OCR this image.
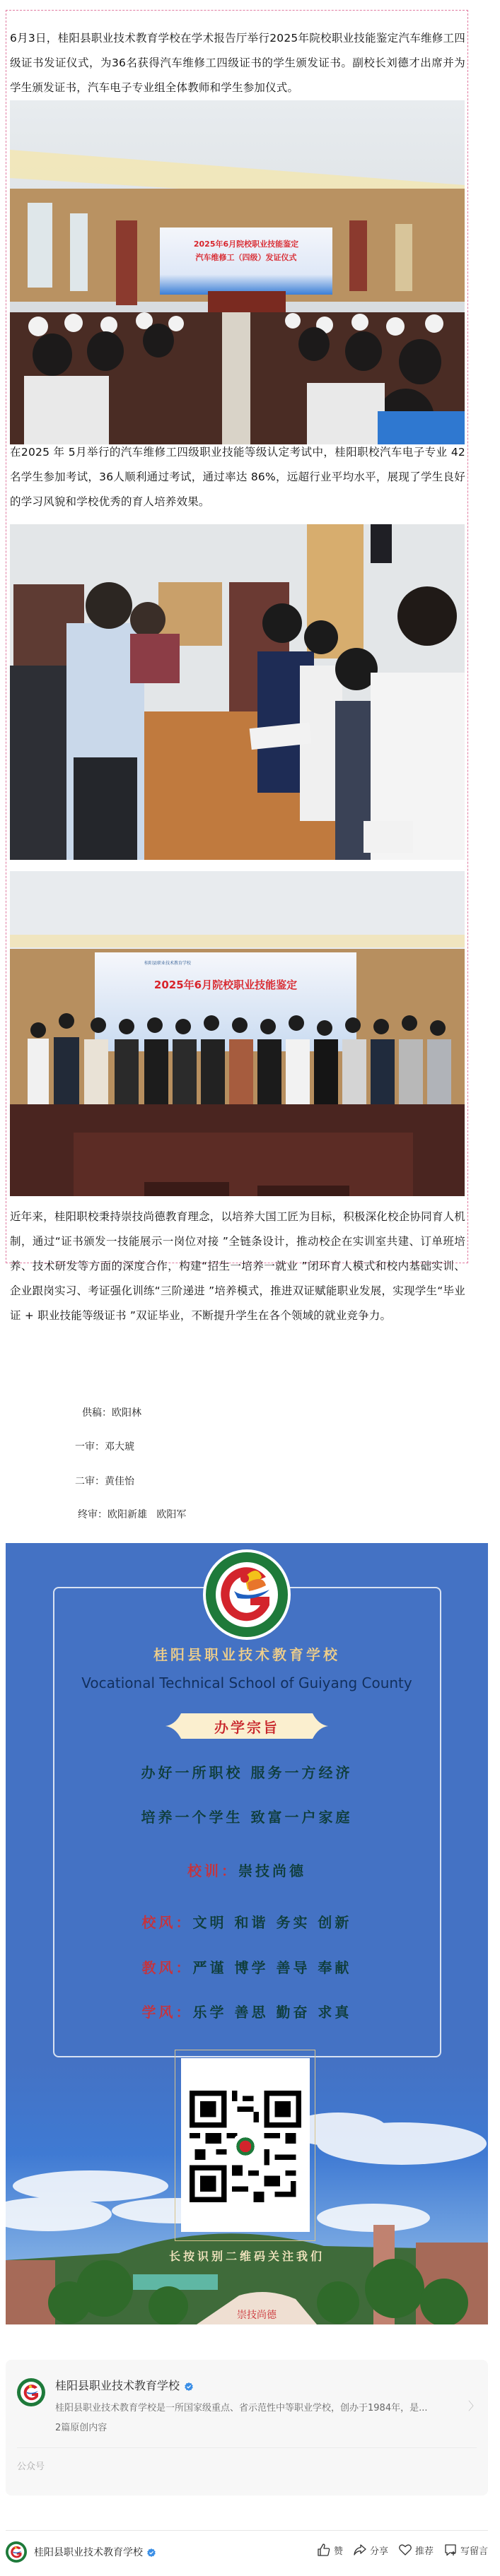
6月3日，桂阳县职业技术教育学校在学术报告厅举行2025年院校职业技能鉴定汽车维修工四级证书发证仪式，为36名获得汽车维修工四级证书的学生颁发证书。副校长刘德才出席并为学生颁发证书，汽车电子专业组全体教师和学生参加仪式。

2025年6月院校职业技能鉴定
汽车维修工（四级）发证仪式

在2025 年 5月举行的汽车维修工四级职业技能等级认定考试中，桂阳职校汽车电子专业 42 名学生参加考试，36人顺利通过考试，通过率达 86%，远超行业平均水平，展现了学生良好的学习风貌和学校优秀的育人培养效果。

桂阳县职业技术教育学校
2025年6月院校职业技能鉴定

近年来，桂阳职校秉持崇技尚德教育理念，以培养大国工匠为目标，积极深化校企协同育人机制，通过“证书颁发一技能展示一岗位对接 ”全链条设计，推动校企在实训室共建、订单班培养、技术研发等方面的深度合作，构建“招生一培养一就业 ”闭环育人模式和校内基础实训、企业跟岗实习、考证强化训练“三阶递进 ”培养模式，推进双证赋能职业发展，实现学生“毕业证 + 职业技能等级证书 ”双证毕业，不断提升学生在各个领域的就业竞争力。

供稿：欧阳林
一审：邓大琥
二审：黄佳怡
终审：欧阳新雄   欧阳军
桂阳县职业技术教育学校
Vocational Technical School of Guiyang County
办学宗旨
办好一所职校 服务一方经济
培养一个学生 致富一户家庭
校训：崇技尚德
校风：文明 和谐 务实 创新
教风：严谨 博学 善导 奉献
学风：乐学 善思 勤奋 求真
崇技尚德
长按识别二维码关注我们
桂阳县职业技术教育学校
桂阳县职业技术教育学校是一所国家级重点、省示范性中等职业学校，创办于1984年，是...	〉
2篇原创内容
公众号
桂阳县职业技术教育学校	赞	分享	推荐	写留言
